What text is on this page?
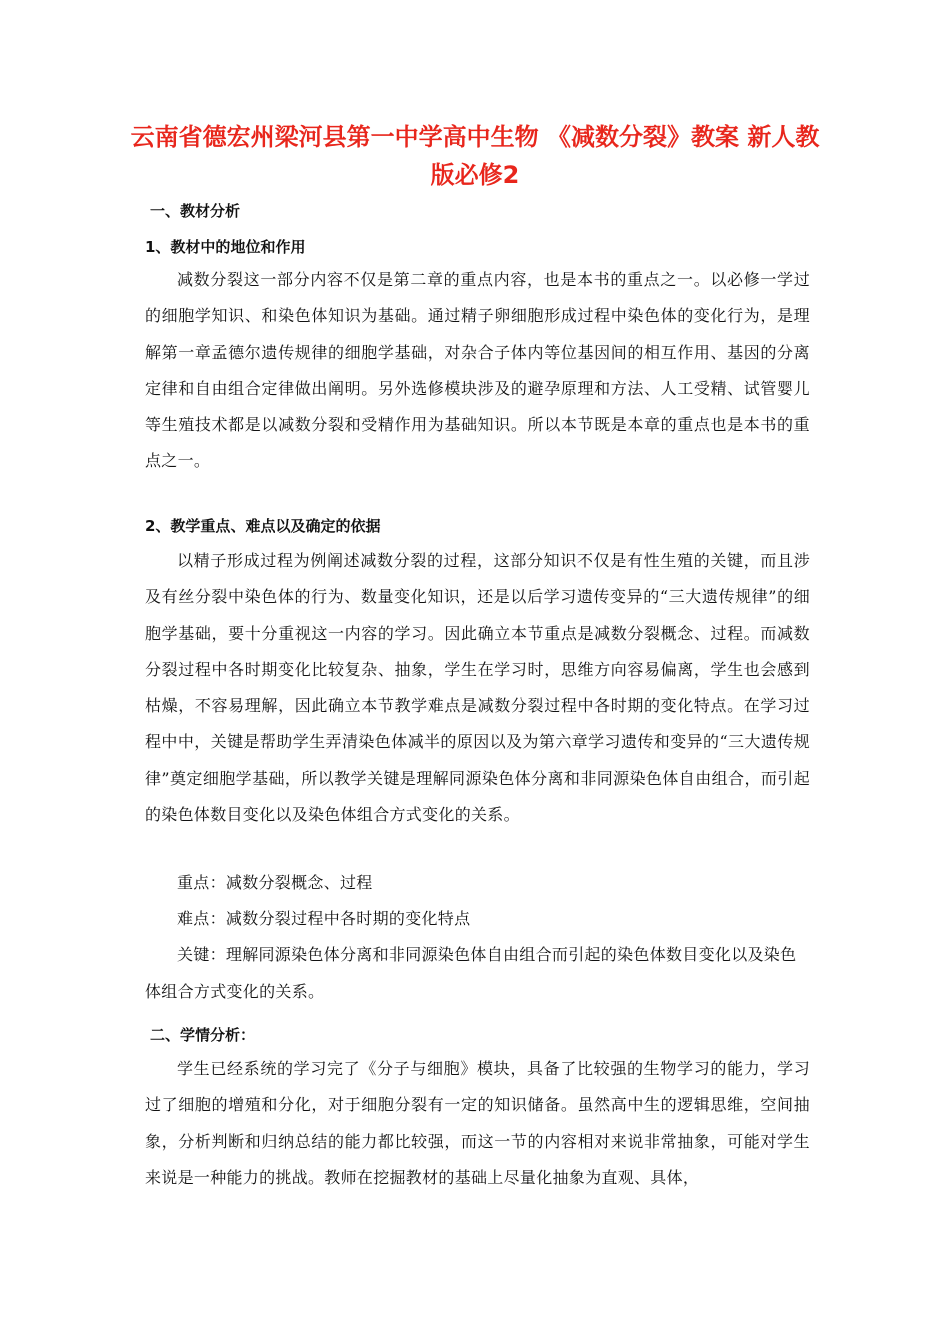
云南省德宏州梁河县第一中学高中生物 《减数分裂》教案 新人教
版必修2
一、教材分析
1、教材中的地位和作用
减数分裂这一部分内容不仅是第二章的重点内容，也是本书的重点之一。以必修一学过的细胞学知识、和染色体知识为基础。通过精子卵细胞形成过程中染色体的变化行为，是理解第一章孟德尔遗传规律的细胞学基础，对杂合子体内等位基因间的相互作用、基因的分离定律和自由组合定律做出阐明。另外选修模块涉及的避孕原理和方法、人工受精、试管婴儿等生殖技术都是以减数分裂和受精作用为基础知识。所以本节既是本章的重点也是本书的重点之一。
2、教学重点、难点以及确定的依据
以精子形成过程为例阐述减数分裂的过程，这部分知识不仅是有性生殖的关键，而且涉及有丝分裂中染色体的行为、数量变化知识，还是以后学习遗传变异的“三大遗传规律”的细胞学基础，要十分重视这一内容的学习。因此确立本节重点是减数分裂概念、过程。而减数分裂过程中各时期变化比较复杂、抽象，学生在学习时，思维方向容易偏离，学生也会感到枯燥，不容易理解，因此确立本节教学难点是减数分裂过程中各时期的变化特点。在学习过程中中，关键是帮助学生弄清染色体减半的原因以及为第六章学习遗传和变异的“三大遗传规律”奠定细胞学基础，所以教学关键是理解同源染色体分离和非同源染色体自由组合，而引起的染色体数目变化以及染色体组合方式变化的关系。
重点：减数分裂概念、过程
难点：减数分裂过程中各时期的变化特点
关键：理解同源染色体分离和非同源染色体自由组合而引起的染色体数目变化以及染色体组合方式变化的关系。
二、学情分析：
学生已经系统的学习完了《分子与细胞》模块，具备了比较强的生物学习的能力，学习过了细胞的增殖和分化，对于细胞分裂有一定的知识储备。虽然高中生的逻辑思维，空间抽象，分析判断和归纳总结的能力都比较强，而这一节的内容相对来说非常抽象，可能对学生来说是一种能力的挑战。教师在挖掘教材的基础上尽量化抽象为直观、具体，
